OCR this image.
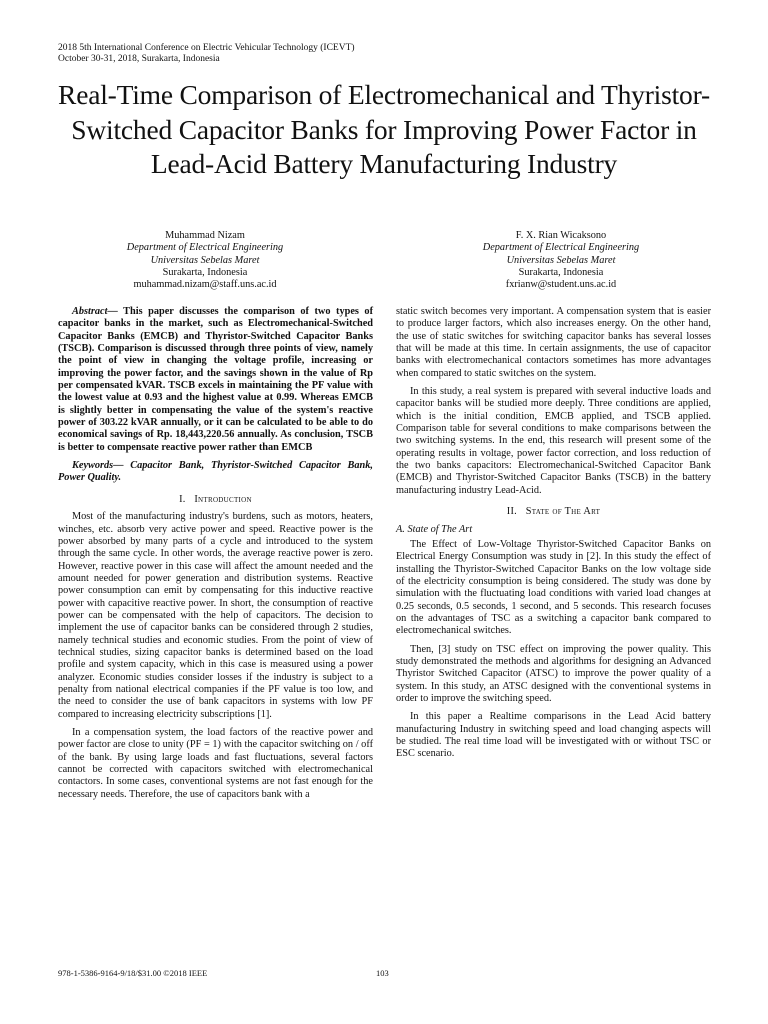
2018 5th International Conference on Electric Vehicular Technology (ICEVT)
October 30-31, 2018, Surakarta, Indonesia
Real-Time Comparison of Electromechanical and Thyristor-Switched Capacitor Banks for Improving Power Factor in Lead-Acid Battery Manufacturing Industry
Muhammad Nizam
Department of Electrical Engineering
Universitas Sebelas Maret
Surakarta, Indonesia
muhammad.nizam@staff.uns.ac.id
F. X. Rian Wicaksono
Department of Electrical Engineering
Universitas Sebelas Maret
Surakarta, Indonesia
fxrianw@student.uns.ac.id

Abstract— This paper discusses the comparison of two types of capacitor banks in the market, such as Electromechanical-Switched Capacitor Banks (EMCB) and Thyristor-Switched Capacitor Banks (TSCB). Comparison is discussed through three points of view, namely the point of view in changing the voltage profile, increasing or improving the power factor, and the savings shown in the value of Rp per compensated kVAR. TSCB excels in maintaining the PF value with the lowest value at 0.93 and the highest value at 0.99. Whereas EMCB is slightly better in compensating the value of the system's reactive power of 303.22 kVAR annually, or it can be calculated to be able to do economical savings of Rp. 18,443,220.56 annually. As conclusion, TSCB is better to compensate reactive power rather than EMCB

Keywords— Capacitor Bank, Thyristor-Switched Capacitor Bank, Power Quality.

I. Introduction

Most of the manufacturing industry's burdens, such as motors, heaters, winches, etc. absorb very active power and speed. Reactive power is the power absorbed by many parts of a cycle and introduced to the system through the same cycle. In other words, the average reactive power is zero. However, reactive power in this case will affect the amount needed and the amount needed for power generation and distribution systems. Reactive power consumption can emit by compensating for this inductive reactive power with capacitive reactive power. In short, the consumption of reactive power can be compensated with the help of capacitors. The decision to implement the use of capacitor banks can be considered through 2 studies, namely technical studies and economic studies. From the point of view of technical studies, sizing capacitor banks is determined based on the load profile and system capacity, which in this case is measured using a power analyzer. Economic studies consider losses if the industry is subject to a penalty from national electrical companies if the PF value is too low, and the need to consider the use of bank capacitors in systems with low PF compared to increasing electricity subscriptions [1].

In a compensation system, the load factors of the reactive power and power factor are close to unity (PF = 1) with the capacitor switching on / off of the bank. By using large loads and fast fluctuations, several factors cannot be corrected with capacitors switched with electromechanical contactors. In some cases, conventional systems are not fast enough for the necessary needs. Therefore, the use of capacitors bank with a

static switch becomes very important. A compensation system that is easier to produce larger factors, which also increases energy. On the other hand, the use of static switches for switching capacitor banks has several losses that will be made at this time. In certain assignments, the use of capacitor banks with electromechanical contactors sometimes has more advantages when compared to static switches on the system.

In this study, a real system is prepared with several inductive loads and capacitor banks will be studied more deeply. Three conditions are applied, which is the initial condition, EMCB applied, and TSCB applied. Comparison table for several conditions to make comparisons between the two switching systems. In the end, this research will present some of the operating results in voltage, power factor correction, and loss reduction of the two banks capacitors: Electromechanical-Switched Capacitor Bank (EMCB) and Thyristor-Switched Capacitor Banks (TSCB) in the battery manufacturing industry Lead-Acid.

II. State of The Art
A. State of The Art

The Effect of Low-Voltage Thyristor-Switched Capacitor Banks on Electrical Energy Consumption was study in [2]. In this study the effect of installing the Thyristor-Switched Capacitor Banks on the low voltage side of the electricity consumption is being considered. The study was done by simulation with the fluctuating load conditions with varied load changes at 0.25 seconds, 0.5 seconds, 1 second, and 5 seconds. This research focuses on the advantages of TSC as a switching a capacitor bank compared to electromechanical switches.

Then, [3] study on TSC effect on improving the power quality. This study demonstrated the methods and algorithms for designing an Advanced Thyristor Switched Capacitor (ATSC) to improve the power quality of a system. In this study, an ATSC designed with the conventional systems in order to improve the switching speed.

In this paper a Realtime comparisons in the Lead Acid battery manufacturing Industry in switching speed and load changing aspects will be studied. The real time load will be investigated with or without TSC or ESC scenario.

978-1-5386-9164-9/18/$31.00 ©2018 IEEE	103
